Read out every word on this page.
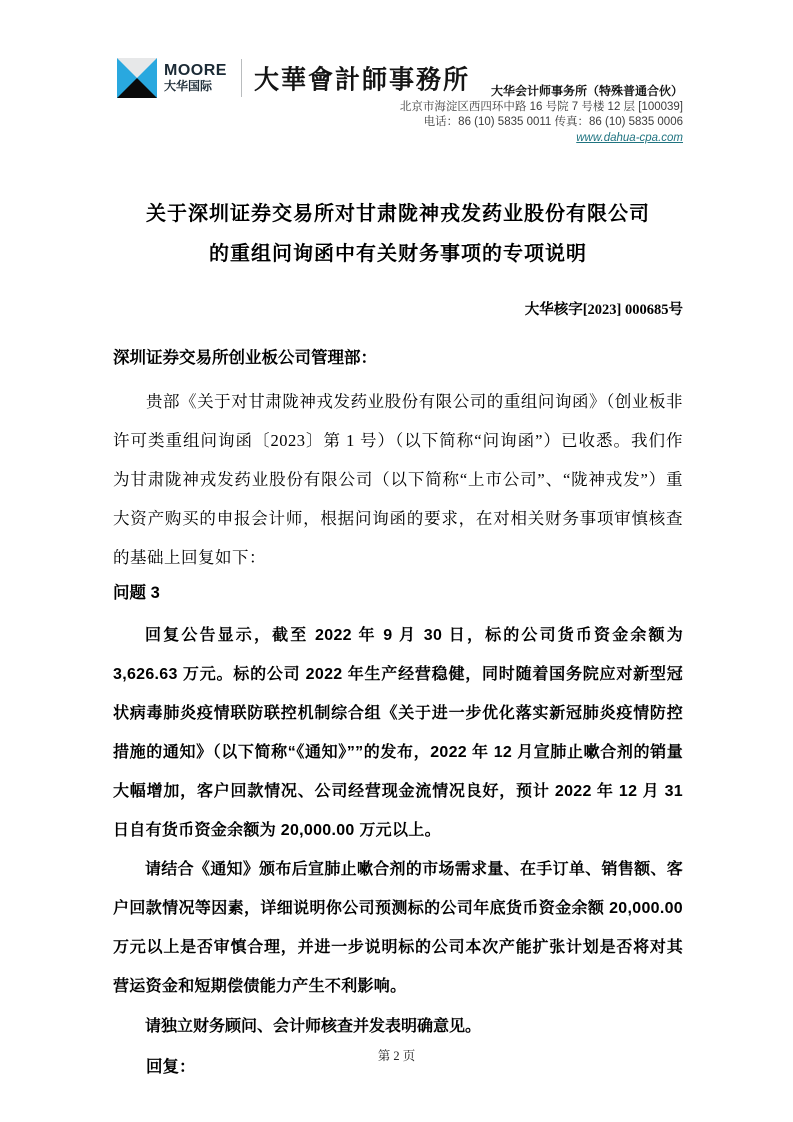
MOORE
大华国际	大華會計師事務所	大华会计师事务所（特殊普通合伙）
北京市海淀区西四环中路 16 号院 7 号楼 12 层 [100039]
电话：86 (10) 5835 0011 传真：86 (10) 5835 0006
www.dahua-cpa.com
关于深圳证券交易所对甘肃陇神戎发药业股份有限公司
的重组问询函中有关财务事项的专项说明
大华核字[2023] 000685号
深圳证券交易所创业板公司管理部：
贵部《关于对甘肃陇神戎发药业股份有限公司的重组问询函》（创业板非许可类重组问询函〔2023〕第 1 号）（以下简称“问询函”）已收悉。我们作为甘肃陇神戎发药业股份有限公司（以下简称“上市公司”、“陇神戎发”）重大资产购买的申报会计师，根据问询函的要求，在对相关财务事项审慎核查的基础上回复如下：
问题 3
回复公告显示，截至 2022 年 9 月 30 日，标的公司货币资金余额为 3,626.63 万元。标的公司 2022 年生产经营稳健，同时随着国务院应对新型冠状病毒肺炎疫情联防联控机制综合组《关于进一步优化落实新冠肺炎疫情防控措施的通知》（以下简称“《通知》””的发布，2022 年 12 月宣肺止嗽合剂的销量大幅增加，客户回款情况、公司经营现金流情况良好，预计 2022 年 12 月 31 日自有货币资金余额为 20,000.00 万元以上。
请结合《通知》颁布后宣肺止嗽合剂的市场需求量、在手订单、销售额、客户回款情况等因素，详细说明你公司预测标的公司年底货币资金余额 20,000.00 万元以上是否审慎合理，并进一步说明标的公司本次产能扩张计划是否将对其营运资金和短期偿债能力产生不利影响。
请独立财务顾问、会计师核查并发表明确意见。
回复：
第 2 页
